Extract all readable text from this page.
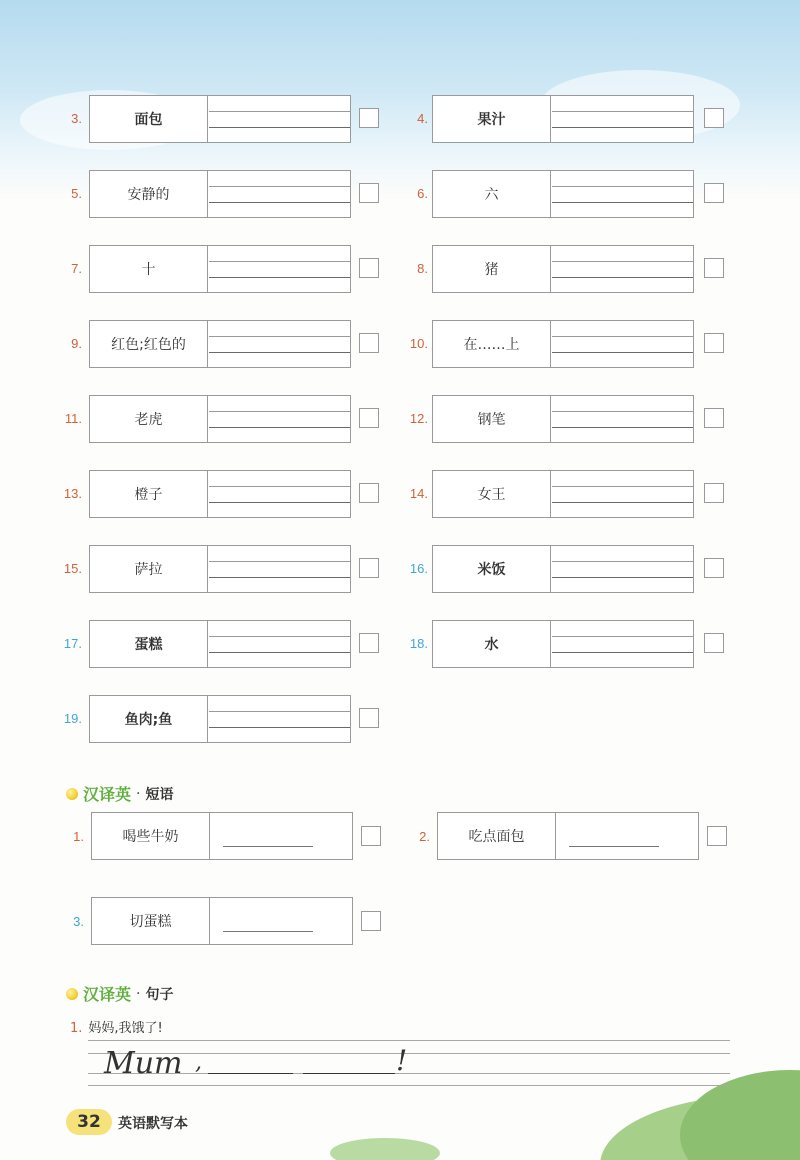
3.	面包	4.	果汁
5.	安静的	6.	六
7.	十	8.	猪
9.	红色;红色的	10.	在……上
11.	老虎	12.	钢笔
13.	橙子	14.	女王
15.	萨拉	16.	米饭
17.	蛋糕	18.	水
19.	鱼肉;鱼
汉译英 · 短语
1.	喝些牛奶	2.	吃点面包
3.	切蛋糕
汉译英 · 句子
1. 妈妈,我饿了!
Mum ,	!
32	英语默写本
